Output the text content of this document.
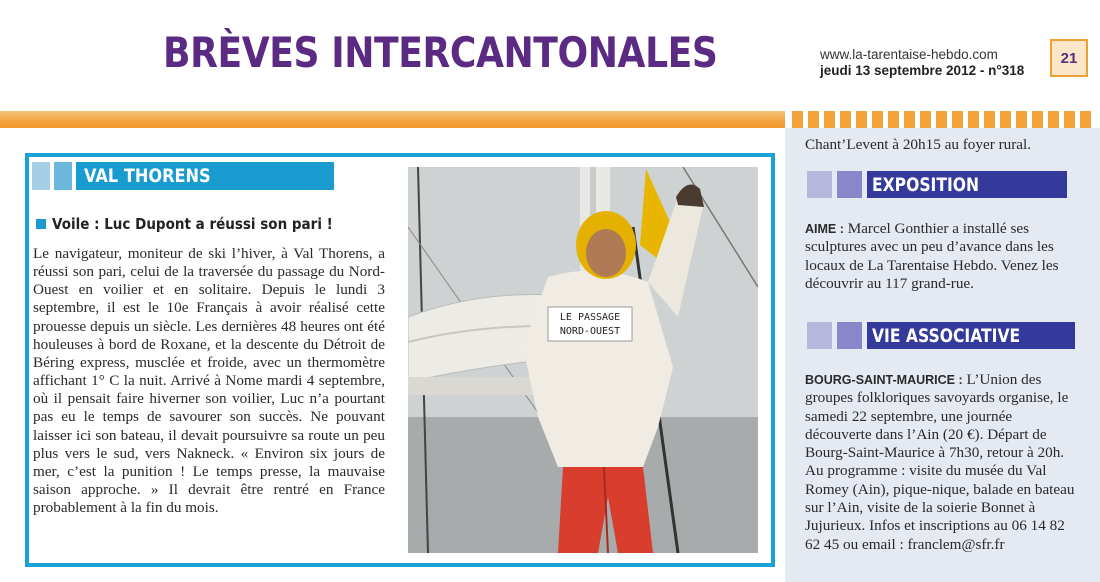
BRÈVES INTERCANTONALES	www.la-tarentaise-hebdo.com
jeudi 13 septembre 2012 - n°318
21
VAL THORENS
Voile : Luc Dupont a réussi son pari !
Le navigateur, moniteur de ski l’hiver, à Val Thorens, a réussi son pari, celui de la traversée du passage du Nord-Ouest en voilier et en solitaire. Depuis le lundi 3 septembre, il est le 10e Français à avoir réalisé cette prouesse depuis un siècle. Les dernières 48 heures ont été houleuses à bord de Roxane, et la descente du Détroit de Béring express, musclée et froide, avec un thermomètre affichant 1° C la nuit. Arrivé à Nome mardi 4 septembre, où il pensait faire hiverner son voilier, Luc n’a pourtant pas eu le temps de savourer son succès. Ne pouvant laisser ici son bateau, il devait poursuivre sa route un peu plus vers le sud, vers Nakneck. « Environ six jours de mer, c’est la punition ! Le temps presse, la mauvaise saison approche. » Il devrait être rentré en France probablement à la fin du mois.
LE PASSAGE
NORD-OUEST
Chant’Levent à 20h15 au foyer rural.
EXPOSITION
AIME : Marcel Gonthier a installé ses sculptures avec un peu d’avance dans les locaux de La Tarentaise Hebdo. Venez les découvrir au 117 grand-rue.
VIE ASSOCIATIVE
BOURG-SAINT-MAURICE : L’Union des groupes folkloriques savoyards organise, le samedi 22 septembre, une journée découverte dans l’Ain (20 €). Départ de Bourg-Saint-Maurice à 7h30, retour à 20h. Au programme : visite du musée du Val Romey (Ain), pique-nique, balade en bateau sur l’Ain, visite de la soierie Bonnet à Jujurieux. Infos et inscriptions au 06 14 82 62 45 ou email : franclem@sfr.fr
